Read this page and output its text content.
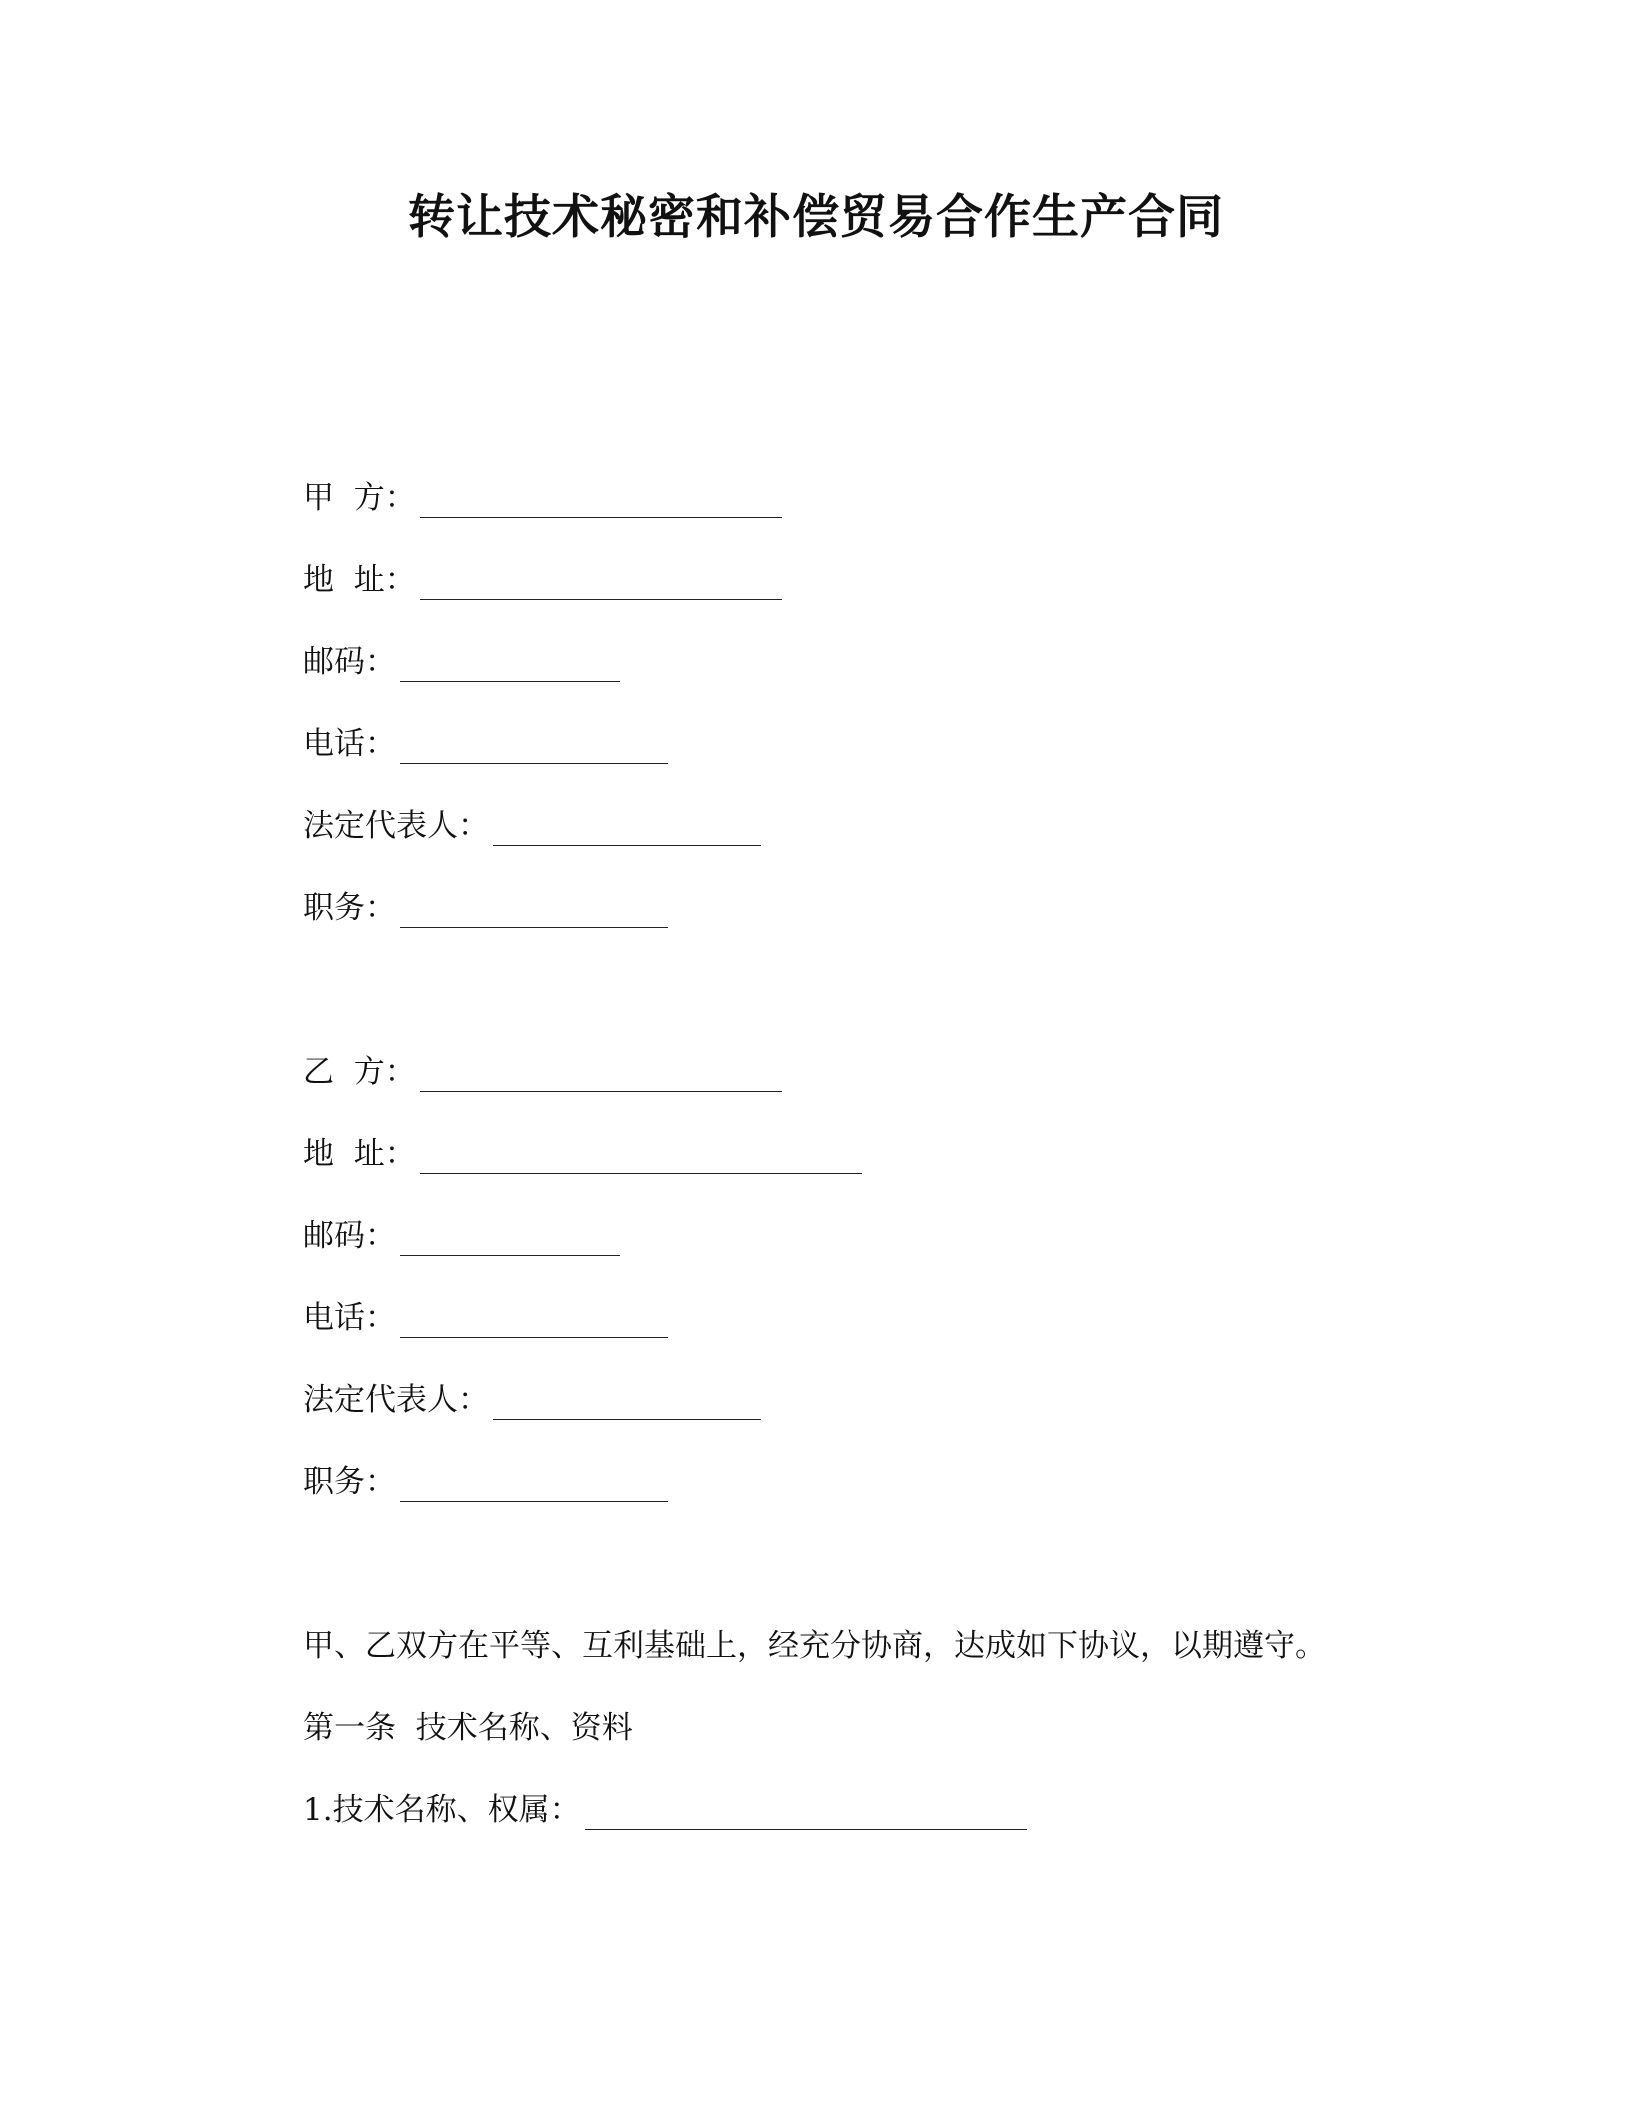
转让技术秘密和补偿贸易合作生产合同
甲  方：
地  址：
邮码：
电话：
法定代表人：
职务：
乙  方：
地  址：
邮码：
电话：
法定代表人：
职务：
甲、乙双方在平等、互利基础上，经充分协商，达成如下协议，以期遵守。
第一条  技术名称、资料
1.技术名称、权属：
